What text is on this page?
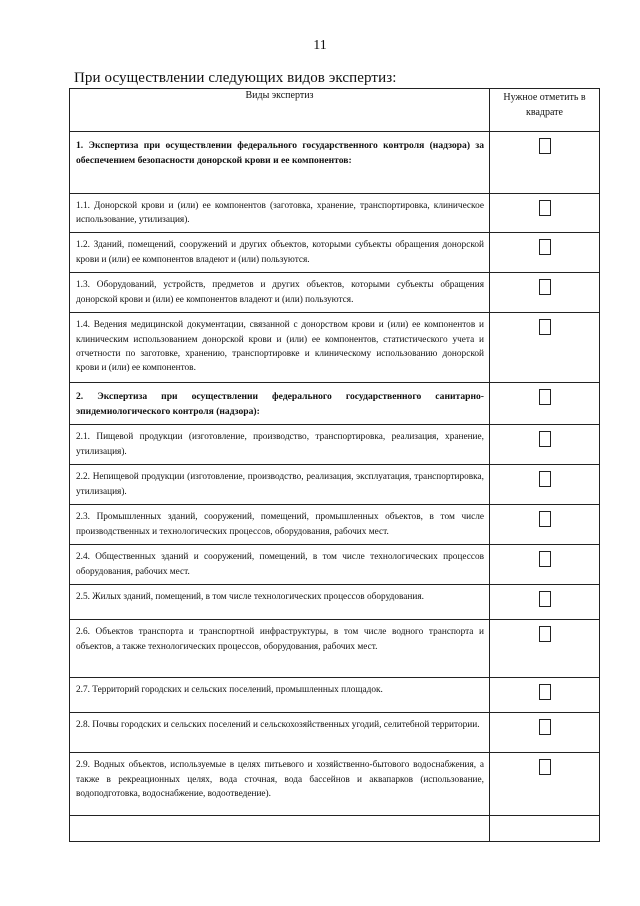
11
При осуществлении следующих видов экспертиз:
Виды экспертиз	Нужное отметить в квадрате
1. Экспертиза при осуществлении федерального государственного контроля (надзора) за обеспечением безопасности донорской крови и ее компонентов:	
1.1. Донорской крови и (или) ее компонентов (заготовка, хранение, транспортировка, клиническое использование, утилизация).	
1.2. Зданий, помещений, сооружений и других объектов, которыми субъекты обращения донорской крови и (или) ее компонентов владеют и (или) пользуются.	
1.3. Оборудований, устройств, предметов и других объектов, которыми субъекты обращения донорской крови и (или) ее компонентов владеют и (или) пользуются.	
1.4. Ведения медицинской документации, связанной с донорством крови и (или) ее компонентов и клиническим использованием донорской крови и (или) ее компонентов, статистического учета и отчетности по заготовке, хранению, транспортировке и клиническому использованию донорской крови и (или) ее компонентов.	
2. Экспертиза при осуществлении федерального государственного санитарно-эпидемиологического контроля (надзора):	
2.1. Пищевой продукции (изготовление, производство, транспортировка, реализация, хранение, утилизация).	
2.2. Непищевой продукции (изготовление, производство, реализация, эксплуатация, транспортировка, утилизация).	
2.3. Промышленных зданий, сооружений, помещений, промышленных объектов, в том числе производственных и технологических процессов, оборудования, рабочих мест.	
2.4. Общественных зданий и сооружений, помещений, в том числе технологических процессов оборудования, рабочих мест.	
2.5. Жилых зданий, помещений, в том числе технологических процессов оборудования.	
2.6. Объектов транспорта и транспортной инфраструктуры, в том числе водного транспорта и объектов, а также технологических процессов, оборудования, рабочих мест.	
2.7. Территорий городских и сельских поселений, промышленных площадок.	
2.8. Почвы городских и сельских поселений и сельскохозяйственных угодий, селитебной территории.	
2.9. Водных объектов, используемые в целях питьевого и хозяйственно-бытового водоснабжения, а также в рекреационных целях, вода сточная, вода бассейнов и аквапарков (использование, водоподготовка, водоснабжение, водоотведение).	
